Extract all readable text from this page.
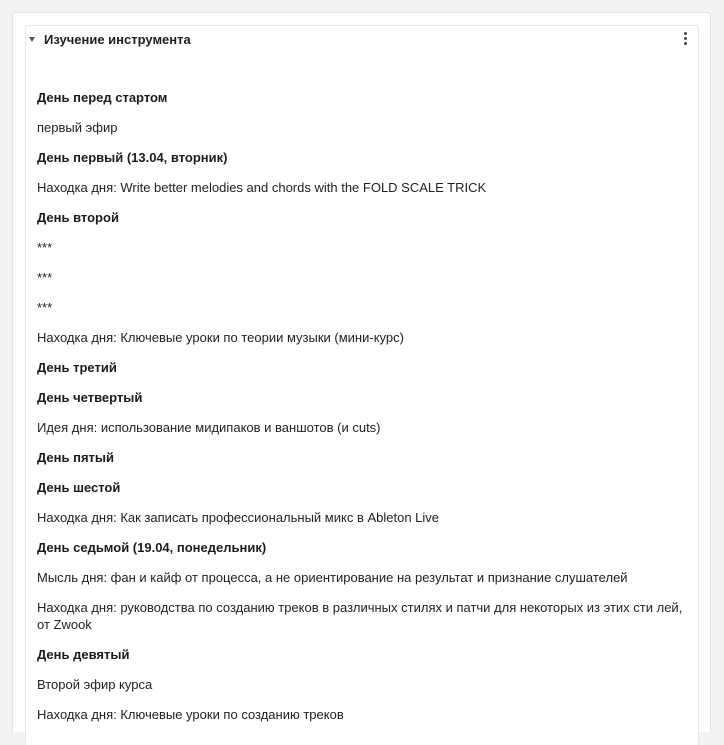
Изучение инструмента
День перед стартом
первый эфир
День первый (13.04, вторник)
Находка дня: Write better melodies and chords with the FOLD SCALE TRICK
День второй
***
***
***
Находка дня: Ключевые уроки по теории музыки (мини-курс)
День третий
День четвертый
Идея дня: использование мидипаков и ваншотов (и cuts)
День пятый
День шестой
Находка дня: Как записать профессиональный микс в Ableton Live
День седьмой (19.04, понедельник)
Мысль дня: фан и кайф от процесса, а не ориентирование на результат и признание слушателей
Находка дня: руководства по созданию треков в различных стилях и патчи для некоторых из этих сти лей, от Zwook
День девятый
Второй эфир курса
Находка дня: Ключевые уроки по созданию треков
